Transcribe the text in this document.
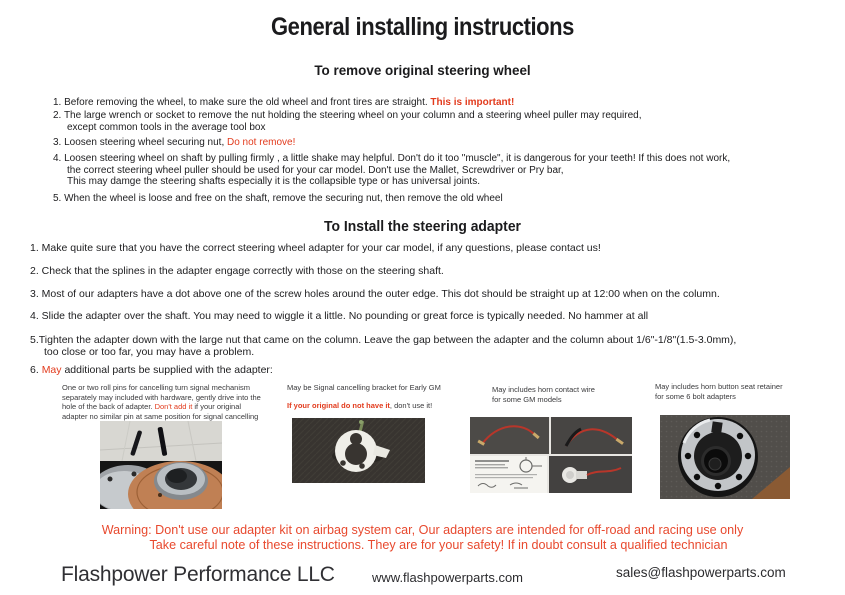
General installing instructions
To remove original steering wheel
1. Before removing the wheel, to make sure the old wheel and front tires are straight. This is important!
2. The large wrench or socket to remove the nut holding the steering wheel on your column and a steering wheel puller may required,
except common tools in the average tool box
3. Loosen steering wheel securing nut, Do not remove!
4. Loosen steering wheel on shaft by pulling firmly , a little shake may helpful. Don't do it too "muscle", it is dangerous for your teeth! If this does not work,
the correct steering wheel puller should be used for your car model. Don't use the Mallet, Screwdriver or Pry bar,
This may damge the steering shafts especially it is the collapsible type or has universal joints.
5. When the wheel is loose and free on the shaft, remove the securing nut, then remove the old wheel
To Install the steering adapter
1. Make quite sure that you have the correct steering wheel adapter for your car model, if any questions, please contact us!
2. Check that the splines in the adapter engage correctly with those on the steering shaft.
3. Most of our adapters have a dot above one of the screw holes around the outer edge. This dot should be straight up at 12:00 when on the column.
4. Slide the adapter over the shaft. You may need to wiggle it a little. No pounding or great force is typically needed. No hammer at all
5.Tighten the adapter down with the large nut that came on the column. Leave the gap between the adapter and the column about 1/6"-1/8"(1.5-3.0mm),
too close or too far, you may have a problem.
6. May additional parts be supplied with the adapter:
One or two roll pins for cancelling turn signal mechanism
separately may included with hardware, gently drive into the
hole of the back of adapter. Don't add it if your original
adapter no similar pin at same position for signal cancelling
May be Signal cancelling bracket for Early GM
If your original do not have it, don't use it!
May includes horn contact wire
for some GM models
May includes horn button seat retainer
for some 6 bolt adapters
Warning: Don't use our adapter kit on airbag system car, Our adapters are intended for off-road and racing use only
Take careful note of these instructions. They are for your safety! If in doubt consult a qualified technician
Flashpower Performance LLC	www.flashpowerparts.com	sales@flashpowerparts.com
